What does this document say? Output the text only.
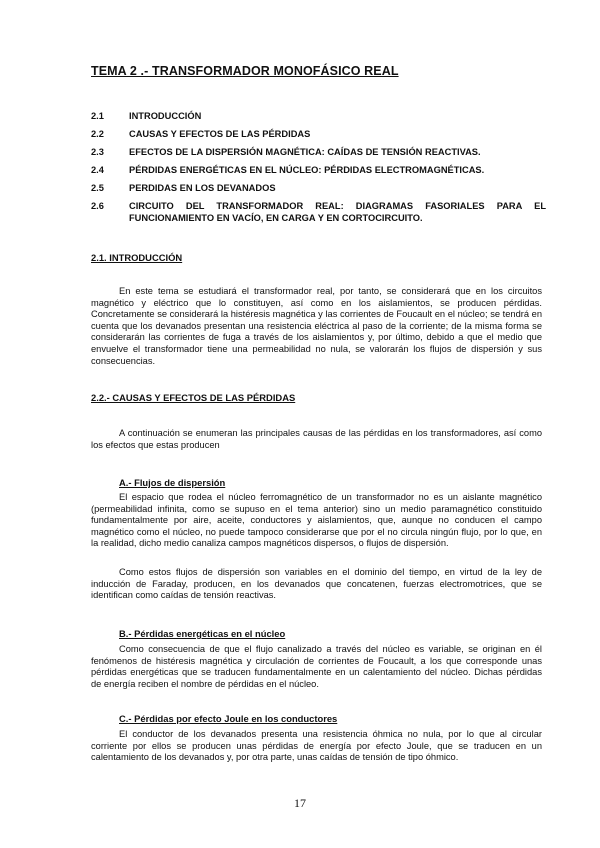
TEMA 2 .- TRANSFORMADOR MONOFÁSICO REAL
2.1	INTRODUCCIÓN
2.2	CAUSAS Y EFECTOS DE LAS PÉRDIDAS
2.3	EFECTOS DE LA DISPERSIÓN MAGNÉTICA: CAÍDAS DE TENSIÓN REACTIVAS.
2.4	PÉRDIDAS ENERGÉTICAS EN EL NÚCLEO: PÉRDIDAS ELECTROMAGNÉTICAS.
2.5	PERDIDAS EN LOS DEVANADOS
2.6	CIRCUITO DEL TRANSFORMADOR REAL: DIAGRAMAS FASORIALES PARA EL FUNCIONAMIENTO EN VACÍO, EN CARGA Y EN CORTOCIRCUITO.
2.1. INTRODUCCIÓN

En este tema se estudiará el transformador real, por tanto, se considerará que en los circuitos magnético y eléctrico que lo constituyen, así como en los aislamientos, se producen pérdidas. Concretamente se considerará la histéresis magnética y las corrientes de Foucault en el núcleo; se tendrá en cuenta que los devanados presentan una resistencia eléctrica al paso de la corriente; de la misma forma se considerarán las corrientes de fuga a través de los aislamientos y, por último, debido a que el medio que envuelve el transformador tiene una permeabilidad no nula, se valorarán los flujos de dispersión y sus consecuencias.

2.2.- CAUSAS Y EFECTOS DE LAS PÉRDIDAS

A continuación se enumeran las principales causas de las pérdidas en los transformadores, así como los efectos que estas producen

A.- Flujos de dispersión

El espacio que rodea el núcleo ferromagnético de un transformador no es un aislante magnético (permeabilidad infinita, como se supuso en el tema anterior) sino un medio paramagnético constituido fundamentalmente por aire, aceite, conductores y aislamientos, que, aunque no conducen el campo magnético como el núcleo, no puede tampoco considerarse que por el no circula ningún flujo, por lo que, en la realidad, dicho medio canaliza campos magnéticos dispersos, o flujos de dispersión.

Como estos flujos de dispersión son variables en el dominio del tiempo, en virtud de la ley de inducción de Faraday, producen, en los devanados que concatenen, fuerzas electromotrices, que se identifican como caídas de tensión reactivas.

B.- Pérdidas energéticas en el núcleo

Como consecuencia de que el flujo canalizado a través del núcleo es variable, se originan en él fenómenos de histéresis magnética y circulación de corrientes de Foucault, a los que corresponde unas pérdidas energéticas que se traducen fundamentalmente en un calentamiento del núcleo. Dichas pérdidas de energía reciben el nombre de pérdidas en el núcleo.

C.- Pérdidas por efecto Joule en los conductores

El conductor de los devanados presenta una resistencia óhmica no nula, por lo que al circular corriente por ellos se producen unas pérdidas de energía por efecto Joule, que se traducen en un calentamiento de los devanados y, por otra parte, unas caídas de tensión de tipo óhmico.

17
